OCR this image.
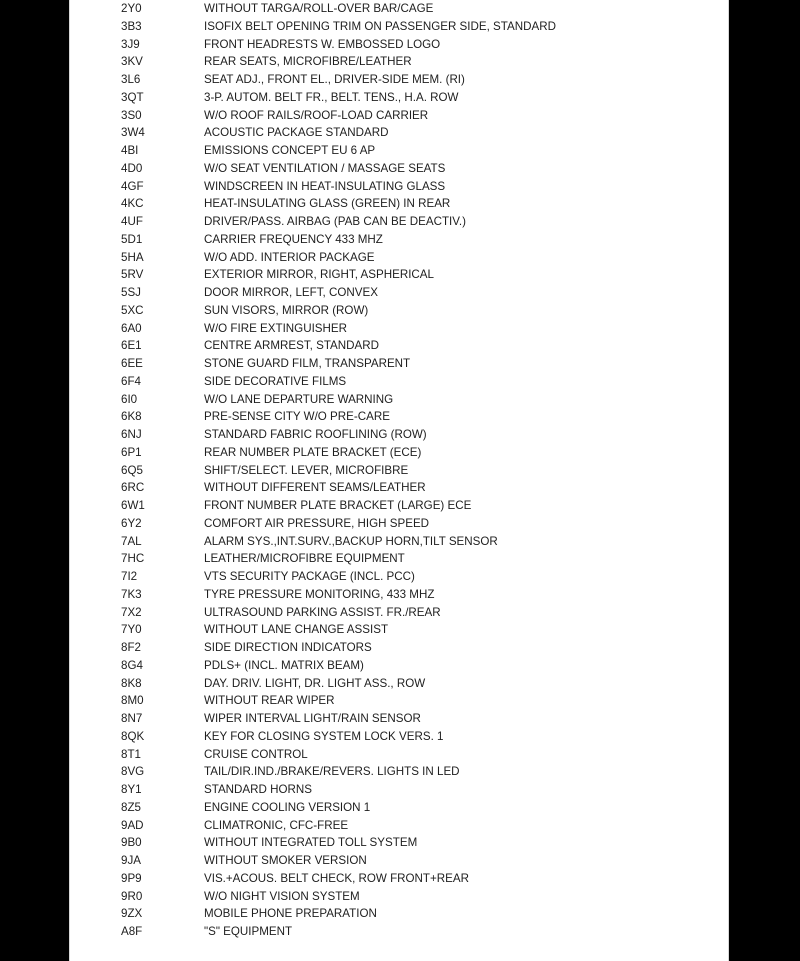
2Y0	WITHOUT TARGA/ROLL-OVER BAR/CAGE
3B3	ISOFIX BELT OPENING TRIM ON PASSENGER SIDE, STANDARD
3J9	FRONT HEADRESTS W. EMBOSSED LOGO
3KV	REAR SEATS, MICROFIBRE/LEATHER
3L6	SEAT ADJ., FRONT EL., DRIVER-SIDE MEM. (RI)
3QT	3-P. AUTOM. BELT FR., BELT. TENS., H.A. ROW
3S0	W/O ROOF RAILS/ROOF-LOAD CARRIER
3W4	ACOUSTIC PACKAGE STANDARD
4BI	EMISSIONS CONCEPT EU 6 AP
4D0	W/O SEAT VENTILATION / MASSAGE SEATS
4GF	WINDSCREEN IN HEAT-INSULATING GLASS
4KC	HEAT-INSULATING GLASS (GREEN) IN REAR
4UF	DRIVER/PASS. AIRBAG (PAB CAN BE DEACTIV.)
5D1	CARRIER FREQUENCY 433 MHZ
5HA	W/O ADD. INTERIOR PACKAGE
5RV	EXTERIOR MIRROR, RIGHT, ASPHERICAL
5SJ	DOOR MIRROR, LEFT, CONVEX
5XC	SUN VISORS, MIRROR (ROW)
6A0	W/O FIRE EXTINGUISHER
6E1	CENTRE ARMREST, STANDARD
6EE	STONE GUARD FILM, TRANSPARENT
6F4	SIDE DECORATIVE FILMS
6I0	W/O LANE DEPARTURE WARNING
6K8	PRE-SENSE CITY W/O PRE-CARE
6NJ	STANDARD FABRIC ROOFLINING (ROW)
6P1	REAR NUMBER PLATE BRACKET (ECE)
6Q5	SHIFT/SELECT. LEVER, MICROFIBRE
6RC	WITHOUT DIFFERENT SEAMS/LEATHER
6W1	FRONT NUMBER PLATE BRACKET (LARGE) ECE
6Y2	COMFORT AIR PRESSURE, HIGH SPEED
7AL	ALARM SYS.,INT.SURV.,BACKUP HORN,TILT SENSOR
7HC	LEATHER/MICROFIBRE EQUIPMENT
7I2	VTS SECURITY PACKAGE (INCL. PCC)
7K3	TYRE PRESSURE MONITORING, 433 MHZ
7X2	ULTRASOUND PARKING ASSIST. FR./REAR
7Y0	WITHOUT LANE CHANGE ASSIST
8F2	SIDE DIRECTION INDICATORS
8G4	PDLS+ (INCL. MATRIX BEAM)
8K8	DAY. DRIV. LIGHT, DR. LIGHT ASS., ROW
8M0	WITHOUT REAR WIPER
8N7	WIPER INTERVAL LIGHT/RAIN SENSOR
8QK	KEY FOR CLOSING SYSTEM LOCK VERS. 1
8T1	CRUISE CONTROL
8VG	TAIL/DIR.IND./BRAKE/REVERS. LIGHTS IN LED
8Y1	STANDARD HORNS
8Z5	ENGINE COOLING VERSION 1
9AD	CLIMATRONIC, CFC-FREE
9B0	WITHOUT INTEGRATED TOLL SYSTEM
9JA	WITHOUT SMOKER VERSION
9P9	VIS.+ACOUS. BELT CHECK, ROW FRONT+REAR
9R0	W/O NIGHT VISION SYSTEM
9ZX	MOBILE PHONE PREPARATION
A8F	"S" EQUIPMENT
